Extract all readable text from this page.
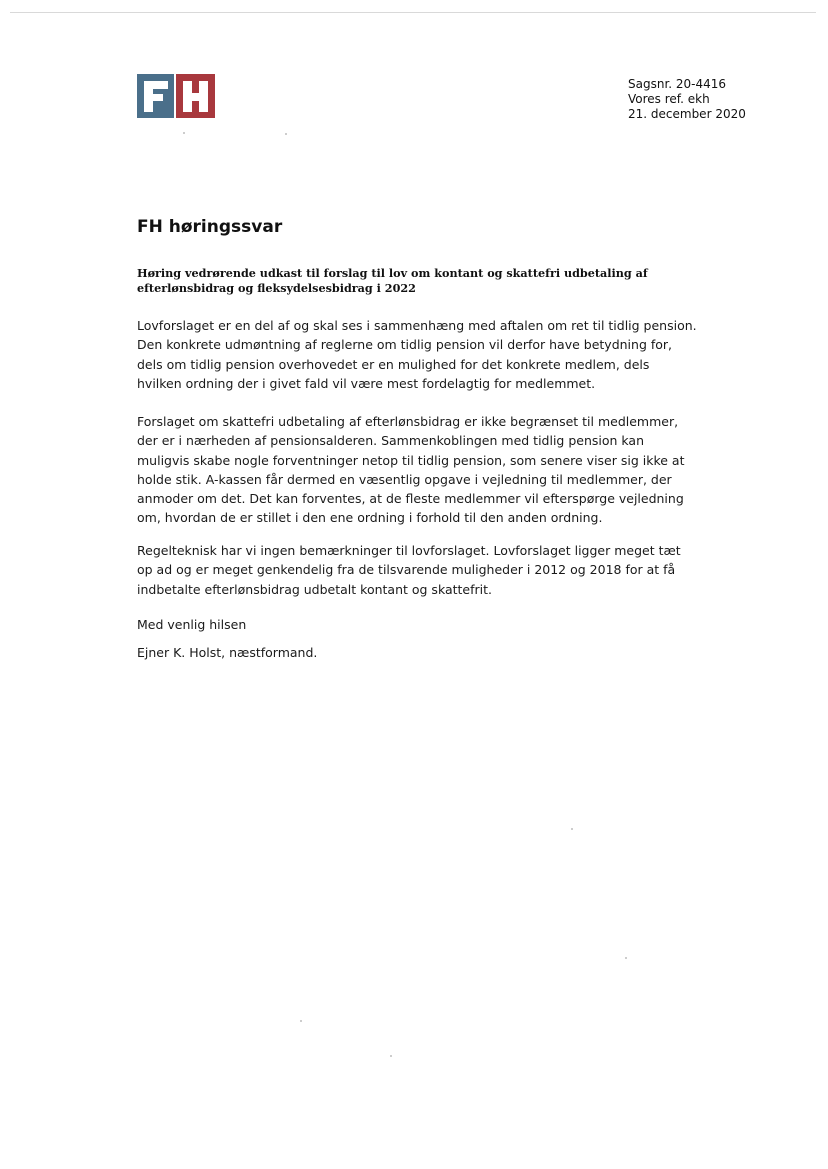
Sagsnr. 20-4416
Vores ref. ekh
21. december 2020
FH høringssvar

Høring vedrørende udkast til forslag til lov om kontant og skattefri udbetaling af efterlønsbidrag og fleksydelsesbidrag i 2022

Lovforslaget er en del af og skal ses i sammenhæng med aftalen om ret til tidlig pension. Den konkrete udmøntning af reglerne om tidlig pension vil derfor have betydning for, dels om tidlig pension overhovedet er en mulighed for det konkrete medlem, dels hvilken ordning der i givet fald vil være mest fordelagtig for medlemmet.

Forslaget om skattefri udbetaling af efterlønsbidrag er ikke begrænset til medlemmer, der er i nærheden af pensionsalderen. Sammenkoblingen med tidlig pension kan muligvis skabe nogle forventninger netop til tidlig pension, som senere viser sig ikke at holde stik. A-kassen får dermed en væsentlig opgave i vejledning til medlemmer, der anmoder om det. Det kan forventes, at de fleste medlemmer vil efterspørge vejledning om, hvordan de er stillet i den ene ordning i forhold til den anden ordning.

Regelteknisk har vi ingen bemærkninger til lovforslaget. Lovforslaget ligger meget tæt op ad og er meget genkendelig fra de tilsvarende muligheder i 2012 og 2018 for at få indbetalte efterlønsbidrag udbetalt kontant og skattefrit.

Med venlig hilsen

Ejner K. Holst, næstformand.
